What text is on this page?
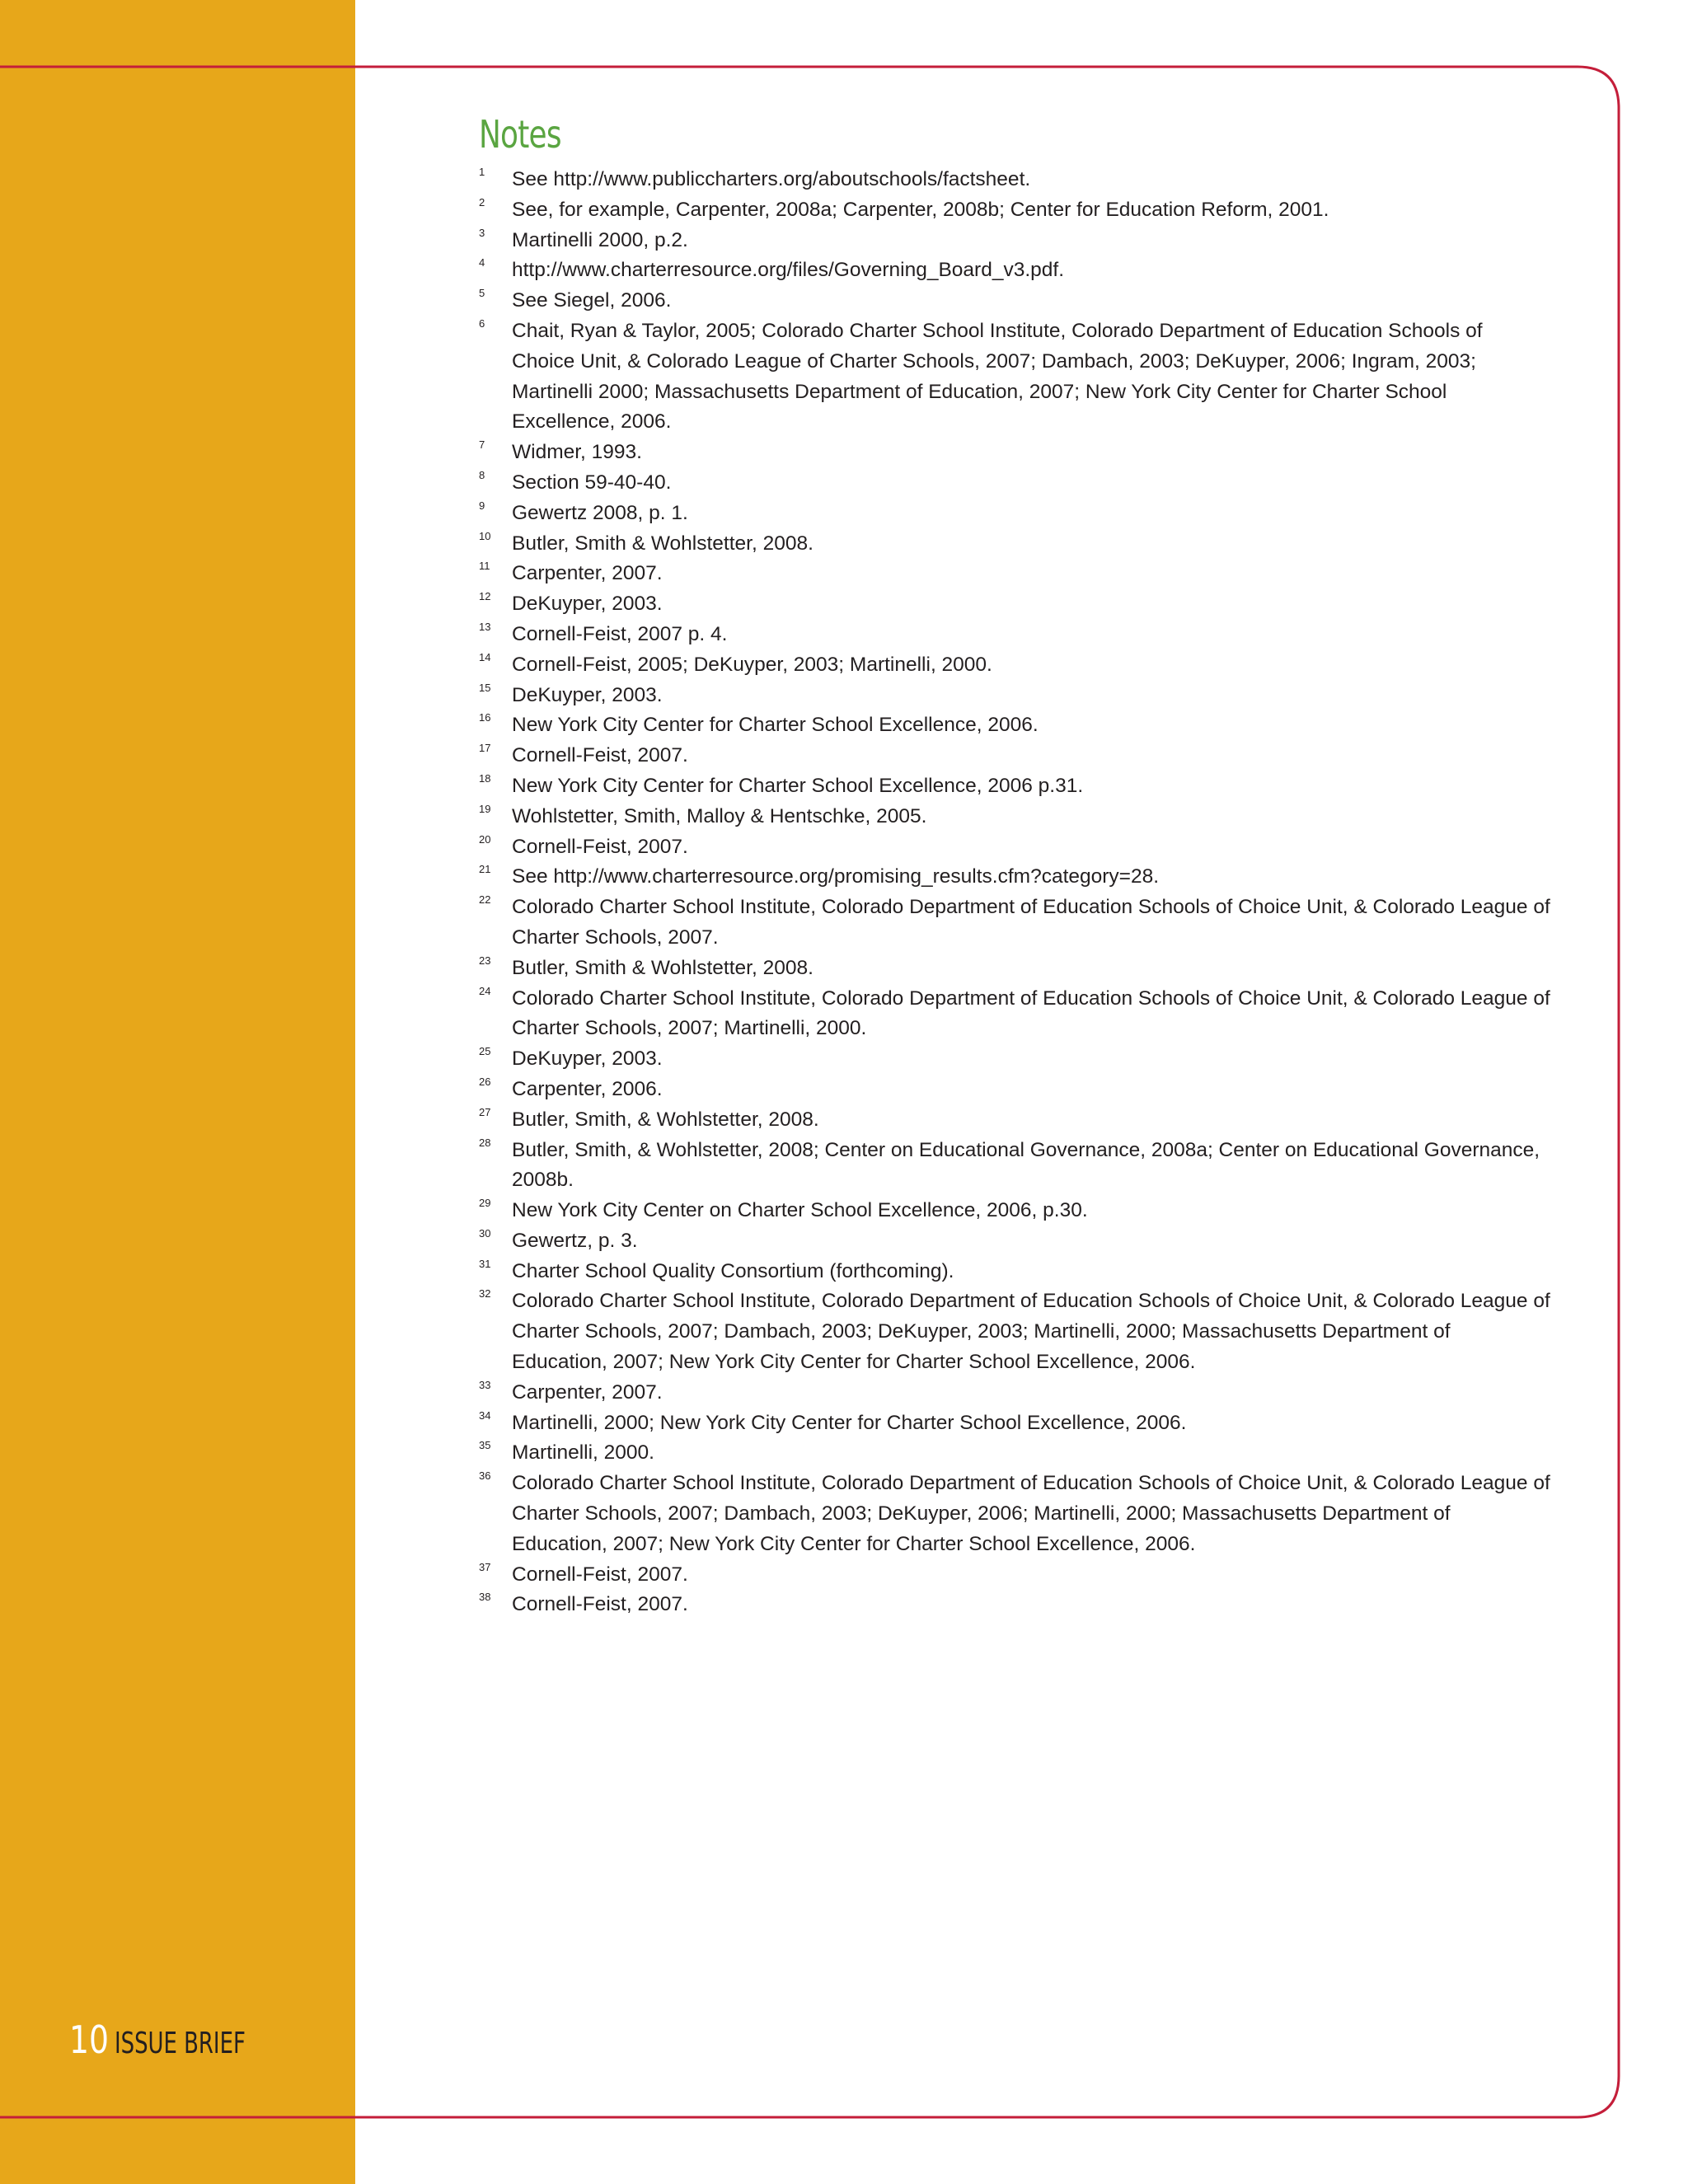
Notes
1 See http://www.publiccharters.org/aboutschools/factsheet.
2 See, for example, Carpenter, 2008a; Carpenter, 2008b; Center for Education Reform, 2001.
3 Martinelli 2000, p.2.
4 http://www.charterresource.org/files/Governing_Board_v3.pdf.
5 See Siegel, 2006.
6 Chait, Ryan & Taylor, 2005; Colorado Charter School Institute, Colorado Department of Education Schools of Choice Unit, & Colorado League of Charter Schools, 2007; Dambach, 2003; DeKuyper, 2006; Ingram, 2003; Martinelli 2000; Massachusetts Department of Education, 2007; New York City Center for Charter School Excellence, 2006.
7 Widmer, 1993.
8 Section 59-40-40.
9 Gewertz 2008, p. 1.
10 Butler, Smith & Wohlstetter, 2008.
11 Carpenter, 2007.
12 DeKuyper, 2003.
13 Cornell-Feist, 2007 p. 4.
14 Cornell-Feist, 2005; DeKuyper, 2003; Martinelli, 2000.
15 DeKuyper, 2003.
16 New York City Center for Charter School Excellence, 2006.
17 Cornell-Feist, 2007.
18 New York City Center for Charter School Excellence, 2006 p.31.
19 Wohlstetter, Smith, Malloy & Hentschke, 2005.
20 Cornell-Feist, 2007.
21 See http://www.charterresource.org/promising_results.cfm?category=28.
22 Colorado Charter School Institute, Colorado Department of Education Schools of Choice Unit, & Colorado League of Charter Schools, 2007.
23 Butler, Smith & Wohlstetter, 2008.
24 Colorado Charter School Institute, Colorado Department of Education Schools of Choice Unit, & Colorado League of Charter Schools, 2007; Martinelli, 2000.
25 DeKuyper, 2003.
26 Carpenter, 2006.
27 Butler, Smith, & Wohlstetter, 2008.
28 Butler, Smith, & Wohlstetter, 2008; Center on Educational Governance, 2008a; Center on Educational Governance, 2008b.
29 New York City Center on Charter School Excellence, 2006, p.30.
30 Gewertz, p. 3.
31 Charter School Quality Consortium (forthcoming).
32 Colorado Charter School Institute, Colorado Department of Education Schools of Choice Unit, & Colorado League of Charter Schools, 2007; Dambach, 2003; DeKuyper, 2003; Martinelli, 2000; Massachusetts Department of Education, 2007; New York City Center for Charter School Excellence, 2006.
33 Carpenter, 2007.
34 Martinelli, 2000; New York City Center for Charter School Excellence, 2006.
35 Martinelli, 2000.
36 Colorado Charter School Institute, Colorado Department of Education Schools of Choice Unit, & Colorado League of Charter Schools, 2007; Dambach, 2003; DeKuyper, 2006; Martinelli, 2000; Massachusetts Department of Education, 2007; New York City Center for Charter School Excellence, 2006.
37 Cornell-Feist, 2007.
38 Cornell-Feist, 2007.
10 ISSUE BRIEF
